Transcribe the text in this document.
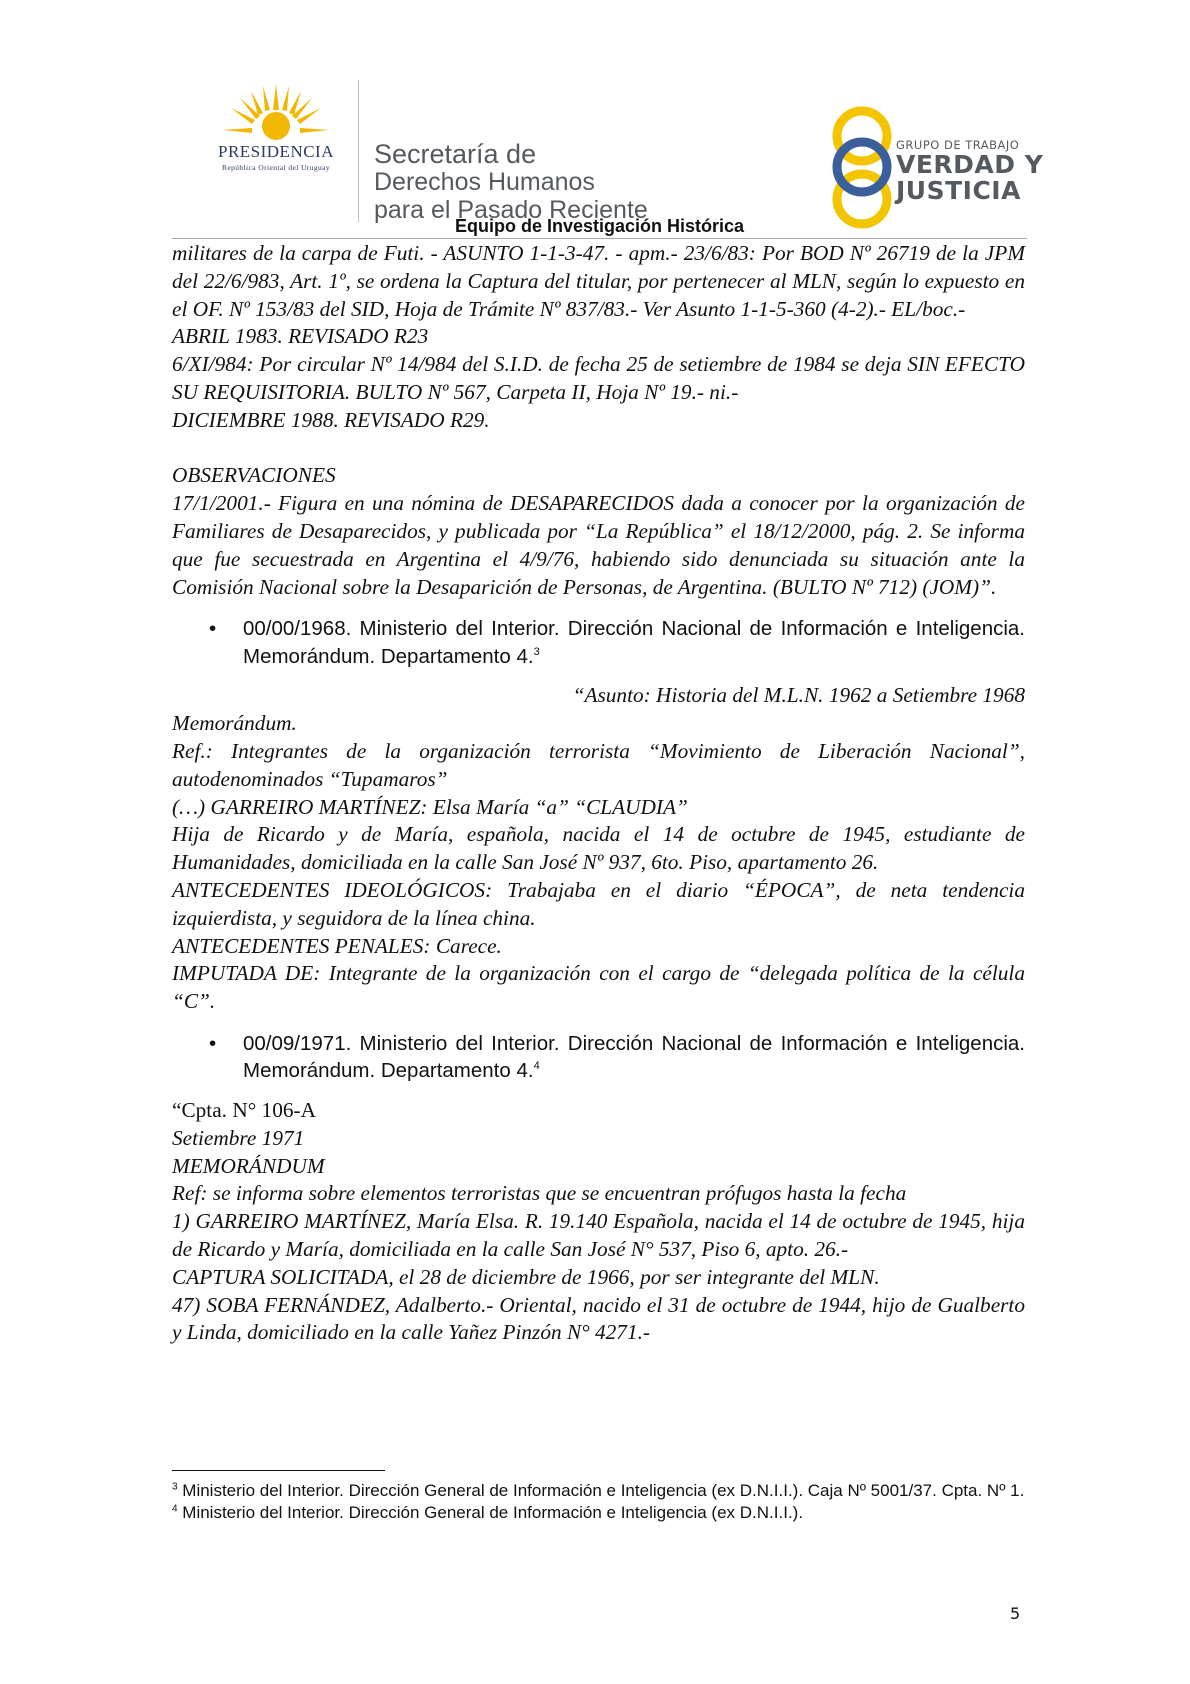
PRESIDENCIA
República Oriental del Uruguay	Secretaría de
Derechos Humanos
para el Pasado Reciente
GRUPO DE TRABAJO
VERDAD Y
JUSTICIA
Equipo de Investigación Histórica

militares de la carpa de Futi. - ASUNTO 1-1-3-47. - apm.- 23/6/83: Por BOD Nº 26719 de la JPM del 22/6/983, Art. 1º, se ordena la Captura del titular, por pertenecer al MLN, según lo expuesto en el OF. Nº 153/83 del SID, Hoja de Trámite Nº 837/83.- Ver Asunto 1-1-5-360 (4-2).- EL/boc.-

ABRIL 1983. REVISADO R23

6/XI/984: Por circular Nº 14/984 del S.I.D. de fecha 25 de setiembre de 1984 se deja SIN EFECTO SU REQUISITORIA. BULTO Nº 567, Carpeta II, Hoja Nº 19.- ni.-

DICIEMBRE 1988. REVISADO R29.

OBSERVACIONES

17/1/2001.- Figura en una nómina de DESAPARECIDOS dada a conocer por la organización de Familiares de Desaparecidos, y publicada por “La República” el 18/12/2000, pág. 2. Se informa que fue secuestrada en Argentina el 4/9/76, habiendo sido denunciada su situación ante la Comisión Nacional sobre la Desaparición de Personas, de Argentina. (BULTO Nº 712) (JOM)”.

• 00/00/1968. Ministerio del Interior. Dirección Nacional de Información e Inteligencia. Memorándum. Departamento 4.$^3$

“Asunto: Historia del M.L.N. 1962 a Setiembre 1968

Memorándum.

Ref.: Integrantes de la organización terrorista “Movimiento de Liberación Nacional”, autodenominados “Tupamaros”

(…) GARREIRO MARTÍNEZ: Elsa María “a” “CLAUDIA”

Hija de Ricardo y de María, española, nacida el 14 de octubre de 1945, estudiante de Humanidades, domiciliada en la calle San José Nº 937, 6to. Piso, apartamento 26.

ANTECEDENTES IDEOLÓGICOS: Trabajaba en el diario “ÉPOCA”, de neta tendencia izquierdista, y seguidora de la línea china.

ANTECEDENTES PENALES: Carece.

IMPUTADA DE: Integrante de la organización con el cargo de “delegada política de la célula “C”.

• 00/09/1971. Ministerio del Interior. Dirección Nacional de Información e Inteligencia. Memorándum. Departamento 4.$^4$

“Cpta. N° 106-A

Setiembre 1971

MEMORÁNDUM

Ref: se informa sobre elementos terroristas que se encuentran prófugos hasta la fecha

1) GARREIRO MARTÍNEZ, María Elsa. R. 19.140 Española, nacida el 14 de octubre de 1945, hija de Ricardo y María, domiciliada en la calle San José N° 537, Piso 6, apto. 26.-

CAPTURA SOLICITADA, el 28 de diciembre de 1966, por ser integrante del MLN.

47) SOBA FERNÁNDEZ, Adalberto.- Oriental, nacido el 31 de octubre de 1944, hijo de Gualberto y Linda, domiciliado en la calle Yañez Pinzón N° 4271.-

$^3$ Ministerio del Interior. Dirección General de Información e Inteligencia (ex D.N.I.I.). Caja Nº 5001/37. Cpta. Nº 1.

$^4$ Ministerio del Interior. Dirección General de Información e Inteligencia (ex D.N.I.I.).

5
